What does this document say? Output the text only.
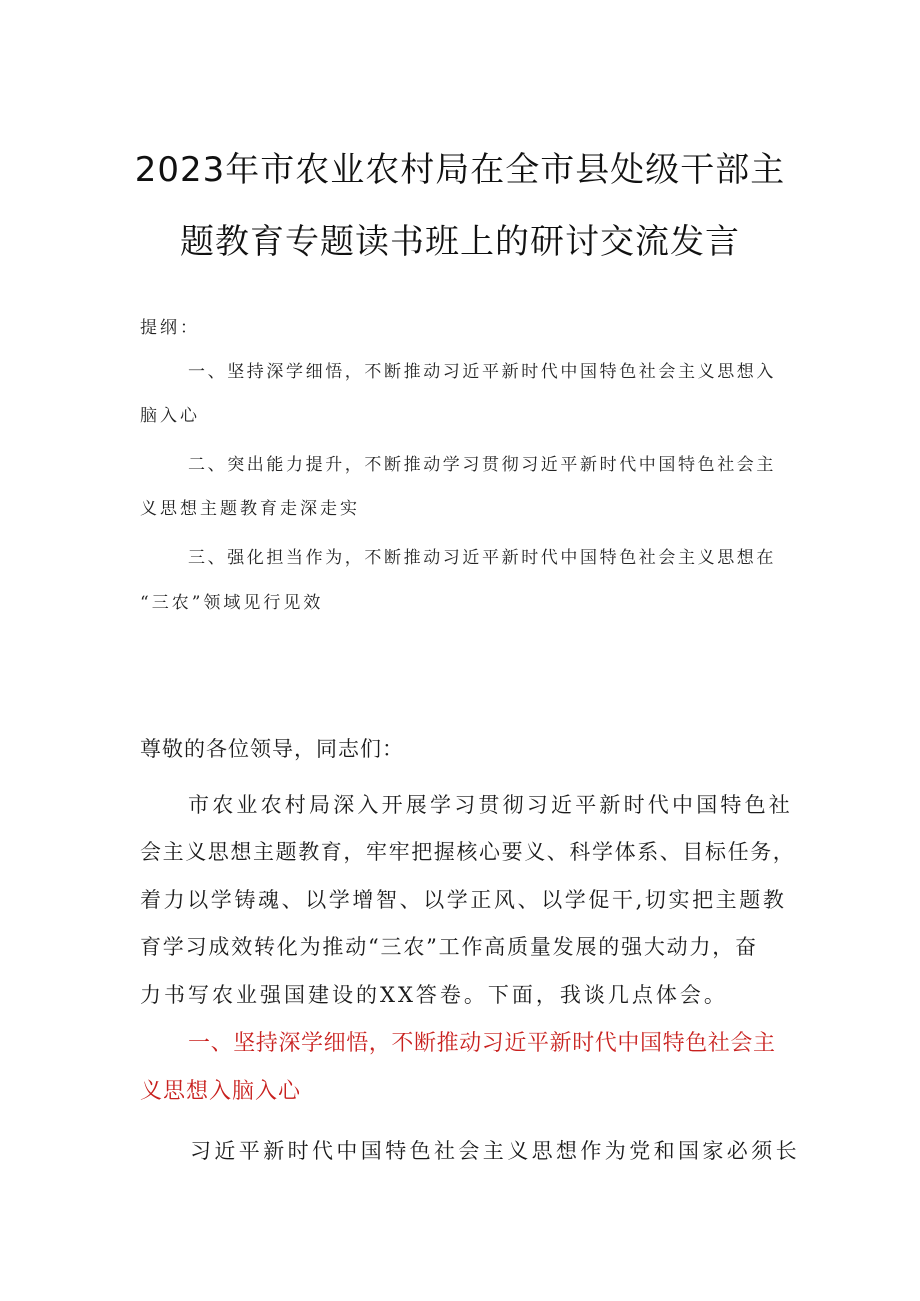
2023年市农业农村局在全市县处级干部主
题教育专题读书班上的研讨交流发言
提纲：
一、坚持深学细悟，不断推动习近平新时代中国特色社会主义思想入
脑入心
二、突出能力提升，不断推动学习贯彻习近平新时代中国特色社会主
义思想主题教育走深走实
三、强化担当作为，不断推动习近平新时代中国特色社会主义思想在
“三农”领域见行见效
尊敬的各位领导，同志们：
市农业农村局深入开展学习贯彻习近平新时代中国特色社
会主义思想主题教育，牢牢把握核心要义、科学体系、目标任务，
着力以学铸魂、以学增智、以学正风、以学促干,切实把主题教
育学习成效转化为推动“三农”工作高质量发展的强大动力，奋
力书写农业强国建设的XX答卷。下面，我谈几点体会。
一、坚持深学细悟，不断推动习近平新时代中国特色社会主
义思想入脑入心
习近平新时代中国特色社会主义思想作为党和国家必须长
